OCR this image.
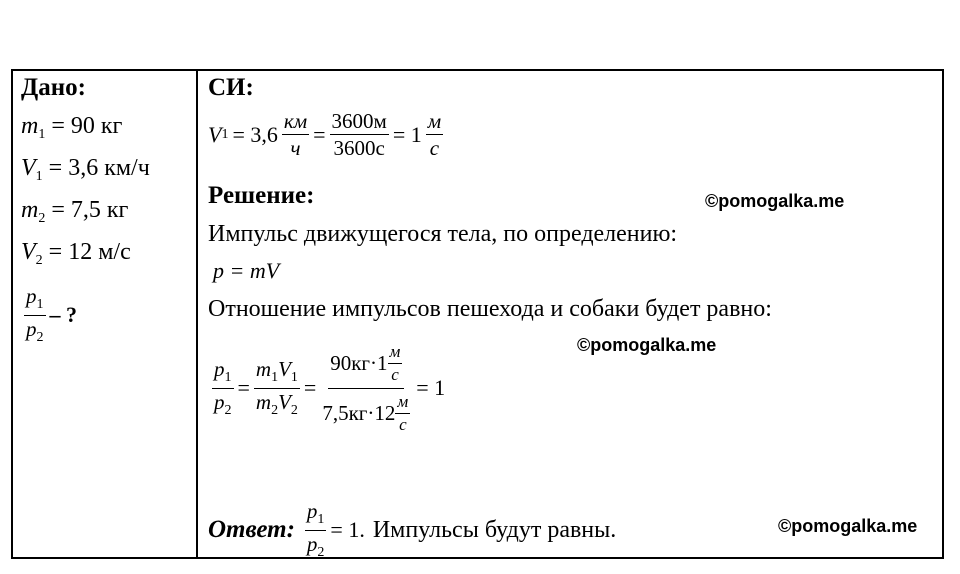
Дано:
$m_1 = 90$ кг
$V_1 = 3,6$ км/ч
$m_2 = 7,5$ кг
$V_2 = 12$ м/с
$\frac{p_1}{p_2}$ – ?
СИ:
V $1 = 3,6 \frac{км}{ч} = \frac{3600м}{3600с} = 1 \frac{м}{с}$
Решение:	©pomogalka.me
Импульс движущегося тела, по определению:
p = mV
Отношение импульсов пешехода и собаки будет равно:
©pomogalka.me
$\frac{p_1}{p_2} = \frac{m_1V_1}{m_2V_2} = \frac{90кг\cdot 1 \frac{м}{с}}{7,5кг\cdot 12 \frac{м}{с}} = 1$
Ответ: $\frac{p_1}{p_2} = 1$. Импульсы будут равны.	©pomogalka.me
